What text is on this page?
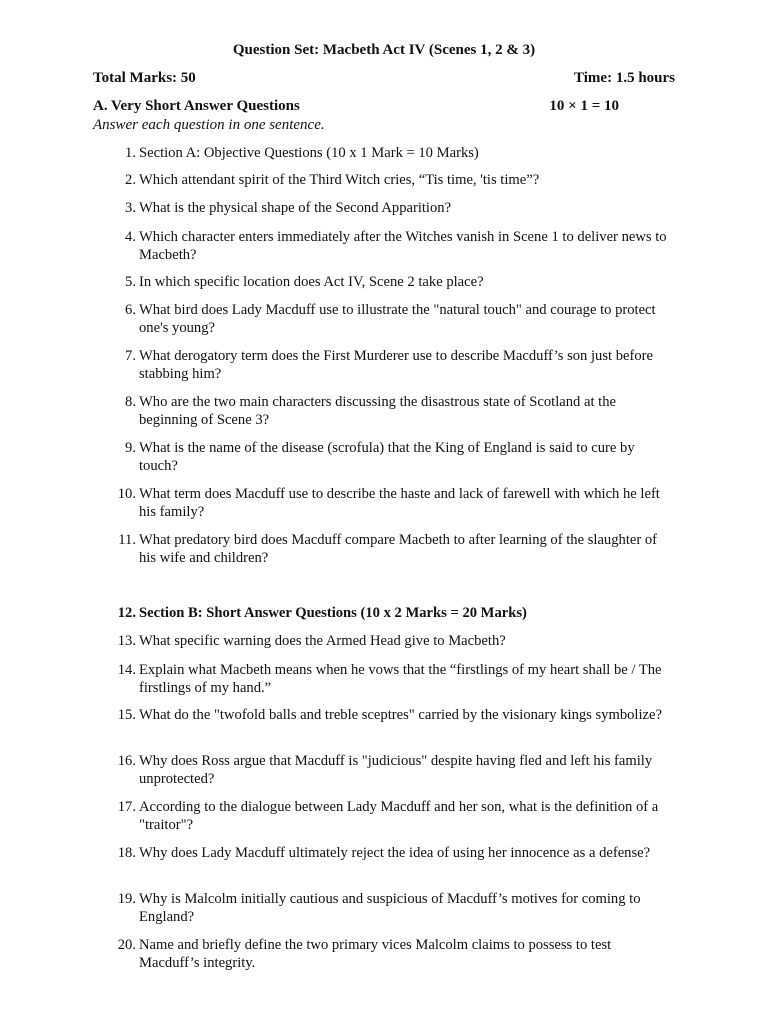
Question Set: Macbeth Act IV (Scenes 1, 2 & 3)
Total Marks: 50	Time: 1.5 hours
A. Very Short Answer Questions	10 × 1 = 10
Answer each question in one sentence.
1. Section A: Objective Questions (10 x 1 Mark = 10 Marks)
2. Which attendant spirit of the Third Witch cries, “Tis time, 'tis time”?
3. What is the physical shape of the Second Apparition?
4. Which character enters immediately after the Witches vanish in Scene 1 to deliver news to Macbeth?
5. In which specific location does Act IV, Scene 2 take place?
6. What bird does Lady Macduff use to illustrate the "natural touch" and courage to protect one's young?
7. What derogatory term does the First Murderer use to describe Macduff’s son just before stabbing him?
8. Who are the two main characters discussing the disastrous state of Scotland at the beginning of Scene 3?
9. What is the name of the disease (scrofula) that the King of England is said to cure by touch?
10. What term does Macduff use to describe the haste and lack of farewell with which he left his family?
11. What predatory bird does Macduff compare Macbeth to after learning of the slaughter of his wife and children?
12. Section B: Short Answer Questions (10 x 2 Marks = 20 Marks)
13. What specific warning does the Armed Head give to Macbeth?
14. Explain what Macbeth means when he vows that the “firstlings of my heart shall be / The firstlings of my hand.”
15. What do the "twofold balls and treble sceptres" carried by the visionary kings symbolize?
16. Why does Ross argue that Macduff is "judicious" despite having fled and left his family unprotected?
17. According to the dialogue between Lady Macduff and her son, what is the definition of a "traitor"?
18. Why does Lady Macduff ultimately reject the idea of using her innocence as a defense?
19. Why is Malcolm initially cautious and suspicious of Macduff’s motives for coming to England?
20. Name and briefly define the two primary vices Malcolm claims to possess to test Macduff’s integrity.
